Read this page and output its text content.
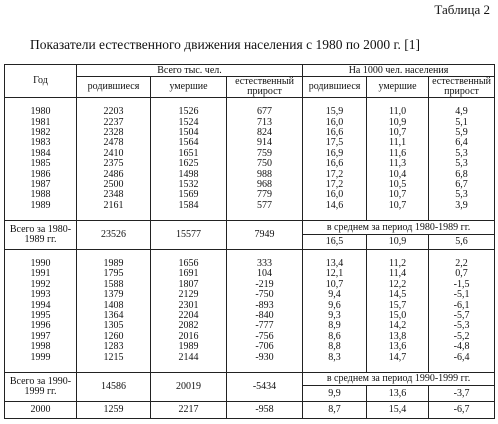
Таблица 2
Показатели естественного движения населения с 1980 по 2000 г. [1]
Год	Всего тыс. чел.			На 1000 чел. населения		
	родившиеся	умершие	естественный прирост	родившиеся	умершие	естественный прирост

1980	2203	1526	677	15,9	11,0	4,9
1981	2237	1524	713	16,0	10,9	5,1
1982	2328	1504	824	16,6	10,7	5,9
1983	2478	1564	914	17,5	11,1	6,4
1984	2410	1651	759	16,9	11,6	5,3
1985	2375	1625	750	16,6	11,3	5,3
1986	2486	1498	988	17,2	10,4	6,8
1987	2500	1532	968	17,2	10,5	6,7
1988	2348	1569	779	16,0	10,7	5,3
1989	2161	1584	577	14,6	10,7	3,9

Всего за 1980-1989 гг.	23526	15577	7949	в среднем за период 1980-1989 гг.		
				16,5	10,9	5,6

1990	1989	1656	333	13,4	11,2	2,2
1991	1795	1691	104	12,1	11,4	0,7
1992	1588	1807	-219	10,7	12,2	-1,5
1993	1379	2129	-750	9,4	14,5	-5,1
1994	1408	2301	-893	9,6	15,7	-6,1
1995	1364	2204	-840	9,3	15,0	-5,7
1996	1305	2082	-777	8,9	14,2	-5,3
1997	1260	2016	-756	8,6	13,8	-5,2
1998	1283	1989	-706	8,8	13,6	-4,8
1999	1215	2144	-930	8,3	14,7	-6,4

Всего за 1990-1999 гг.	14586	20019	-5434	в среднем за период 1990-1999 гг.		
				9,9	13,6	-3,7
2000	1259	2217	-958	8,7	15,4	-6,7
